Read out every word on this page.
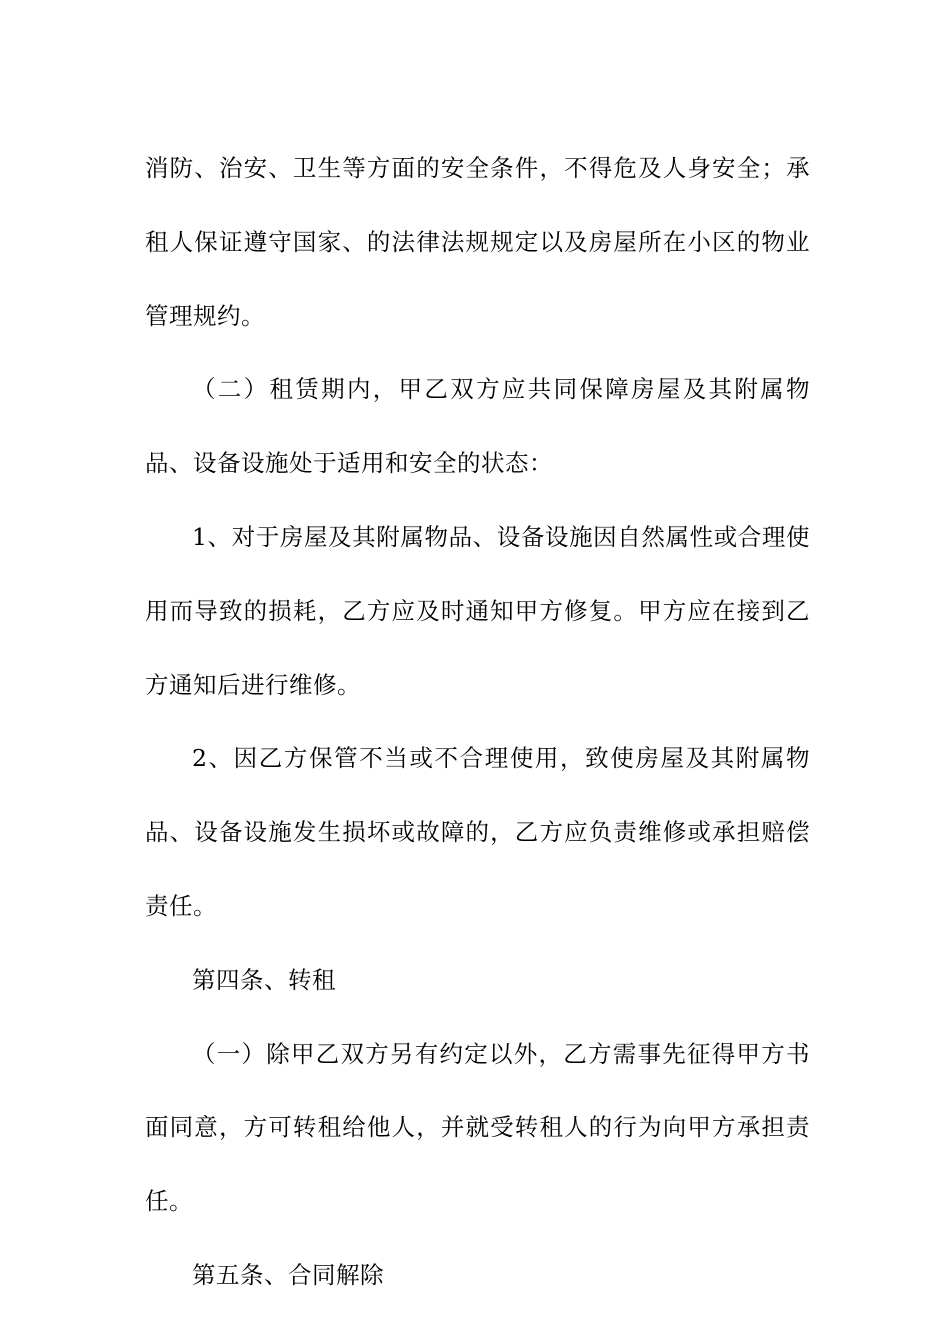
消防、治安、卫生等方面的安全条件，不得危及人身安全；承租人保证遵守国家、的法律法规规定以及房屋所在小区的物业管理规约。

（二）租赁期内，甲乙双方应共同保障房屋及其附属物品、设备设施处于适用和安全的状态：

1、对于房屋及其附属物品、设备设施因自然属性或合理使用而导致的损耗，乙方应及时通知甲方修复。甲方应在接到乙方通知后进行维修。

2、因乙方保管不当或不合理使用，致使房屋及其附属物品、设备设施发生损坏或故障的，乙方应负责维修或承担赔偿责任。

第四条、转租

（一）除甲乙双方另有约定以外，乙方需事先征得甲方书面同意，方可转租给他人，并就受转租人的行为向甲方承担责任。

第五条、合同解除
